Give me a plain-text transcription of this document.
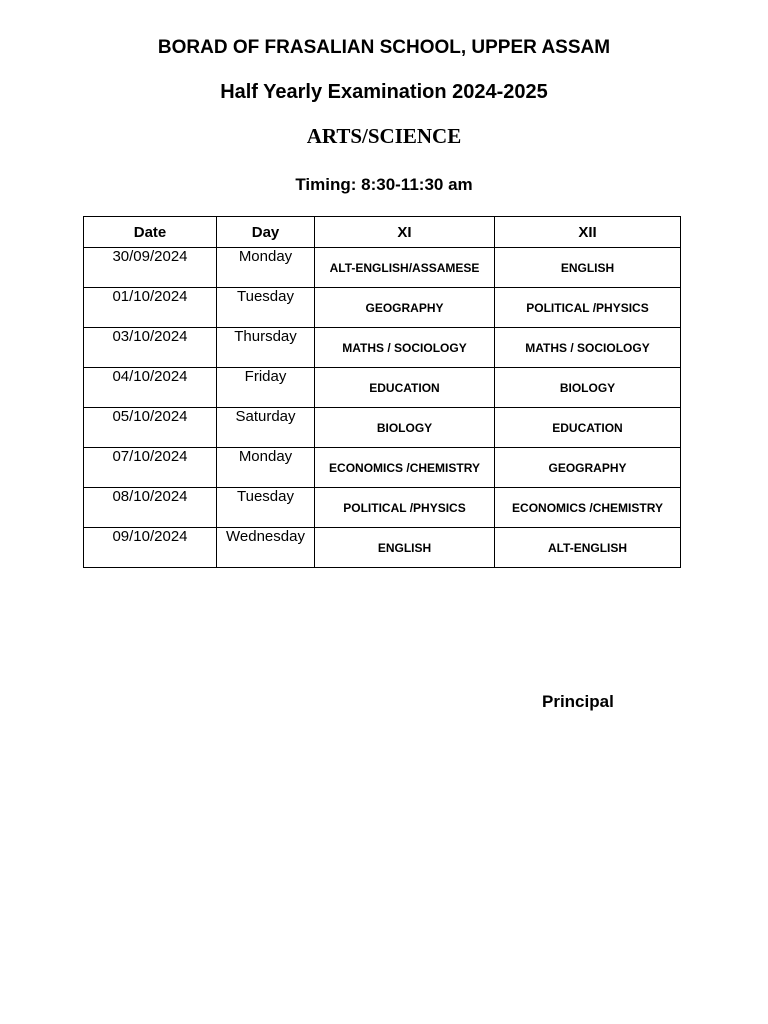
BORAD OF FRASALIAN SCHOOL, UPPER ASSAM
Half Yearly Examination 2024-2025
ARTS/SCIENCE
Timing: 8:30-11:30 am
Date	Day	XI	XII
30/09/2024	Monday	ALT-ENGLISH/ASSAMESE	ENGLISH
01/10/2024	Tuesday	GEOGRAPHY	POLITICAL /PHYSICS
03/10/2024	Thursday	MATHS / SOCIOLOGY	MATHS / SOCIOLOGY
04/10/2024	Friday	EDUCATION	BIOLOGY
05/10/2024	Saturday	BIOLOGY	EDUCATION
07/10/2024	Monday	ECONOMICS /CHEMISTRY	GEOGRAPHY
08/10/2024	Tuesday	POLITICAL /PHYSICS	ECONOMICS /CHEMISTRY
09/10/2024	Wednesday	ENGLISH	ALT-ENGLISH
Principal
